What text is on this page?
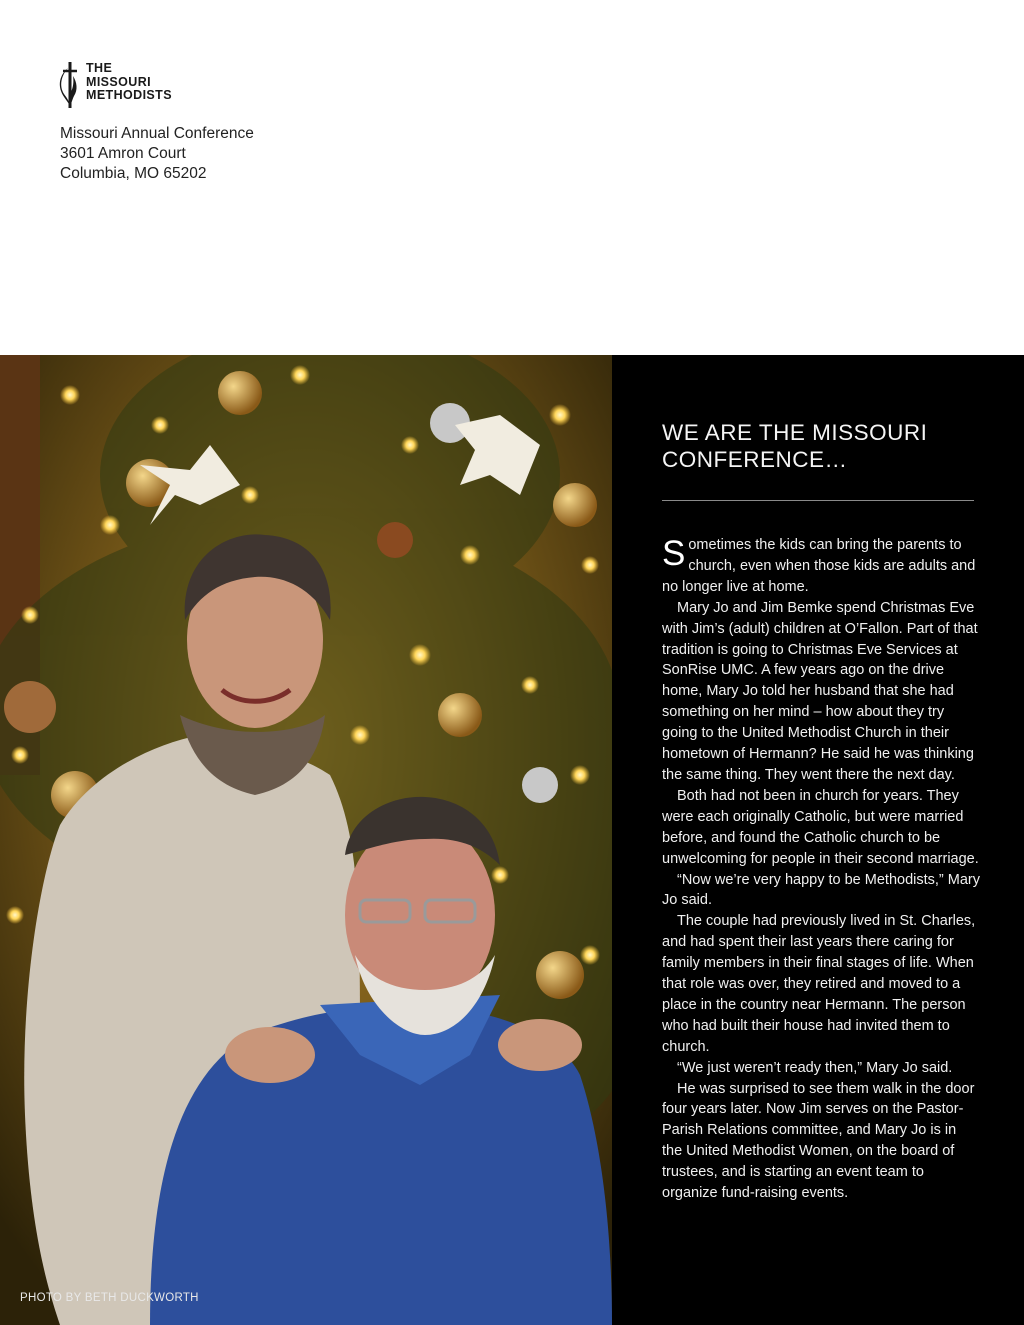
THE
MISSOURI
METHODISTS
Missouri Annual Conference
3601 Amron Court
Columbia, MO 65202
PHOTO BY BETH DUCKWORTH
WE ARE THE MISSOURI CONFERENCE…

Sometimes the kids can bring the parents to church, even when those kids are adults and no longer live at home.

Mary Jo and Jim Bemke spend Christmas Eve with Jim’s (adult) children at O’Fallon. Part of that tradition is going to Christmas Eve Services at SonRise UMC. A few years ago on the drive home, Mary Jo told her husband that she had something on her mind – how about they try going to the United Methodist Church in their hometown of Hermann? He said he was thinking the same thing. They went there the next day.

Both had not been in church for years. They were each originally Catholic, but were married before, and found the Catholic church to be unwelcoming for people in their second marriage.

“Now we’re very happy to be Methodists,” Mary Jo said.

The couple had previously lived in St. Charles, and had spent their last years there caring for family members in their final stages of life. When that role was over, they retired and moved to a place in the country near Hermann. The person who had built their house had invited them to church.

“We just weren’t ready then,” Mary Jo said.

He was surprised to see them walk in the door four years later. Now Jim serves on the Pastor-Parish Relations committee, and Mary Jo is in the United Methodist Women, on the board of trustees, and is starting an event team to organize fund-raising events.
